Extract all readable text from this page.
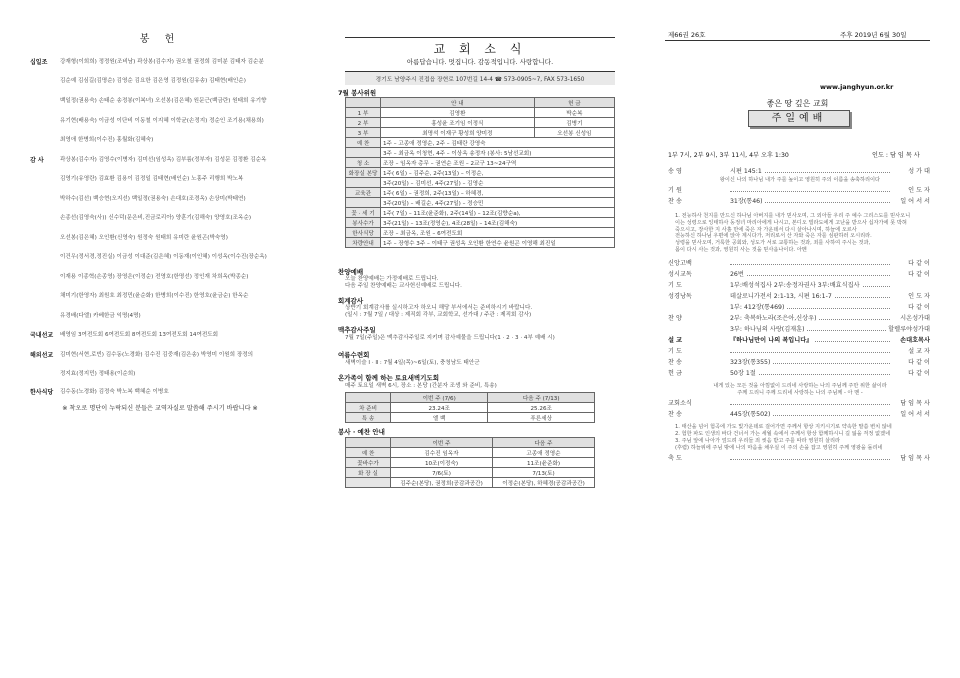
봉 헌
십일조	강재형(이희희) 정정원(조비남) 곽상봉(김수자) 권오철 권정희 김미분 김태자 김순분
김순예 김심길(김명순) 김영순 김요한 김은영 김정원(김유송) 김태현(배인순)
백일정(권용숙) 손태순 송정봉(이복녀) 오선봉(김은혜) 원문근(백금란) 원태희 유기향
유기현(배용숙) 이금성 이단비 이동철 이지혜 이학균(손정지) 정순인 조기용(채용희)
최영애 한병희(이수진) 홍월화(김혜숙)
감 사	곽상봉(김수자) 김영수(이병자) 김미선(임성옥) 김부름(정부자) 김성문 김정환 김순옥
김영기(유영란) 김효환 김용이 김정일 김태현(배인순) 노홍주 리행희 박노복
박하수(김선) 백승현(오지선) 백일정(권용숙) 손대호(조경옥) 손상미(박태연)
손종선(김영숙(사)) 신수덕(문은비,진금로리아) 양훈기(김해숙) 양영호(조옥순)
오선봉(김은혜) 오인환(신영숙) 원정숙 원태희 유미란 윤원곤(박숙영)
이건우(정서경,정진실) 이금성 이대준(김은혜) 이동재(이인혜) 이성옥(이수진(장순옥)
이재용 이종혁(손종영) 장영은(이정순) 전영호(한명선) 정인재 차희옥(박종순)
채미기(한영자) 최원호 최정민(윤순화) 한병희(이수진) 한영호(윤금순) 한옥순
유경배(다엘) 카베한금 익명(4명)
국내선교	배영임 3여전도회 6여전도회 8여전도회 13여전도회 14여전도회
해외선교	김미현(서현,로빈) 김수동(노경화) 김수진 김중재(김은송) 박영미 이원희 장정의
정지효(정지민) 정태용(이순희)
한사식당	김수동(노경화) 김정숙 박노복 백혜순 이병호
※ 착오로 명단이 누락되신 분들은 교역자실로 말씀해 주시기 바랍니다 ※
교 회 소 식
아름답습니다. 멋집니다. 감동적입니다. 사랑합니다.
경기도 남양주시 진접읍 장현로 107번길 14-4 ☎ 573-0905~7, FAX 573-1650
7월 봉사위원
	안 내	헌 금
1 부	김영환	박순복
2 부	홍성윤 조기임 이정식	김병기
3 부	최명석 이재구 황성희 양미정	오선봉 신성임
예 찬	1주 – 고종애 정영순, 2주 – 김태란 강영숙	
	3주 – 최금옥 이청현, 4주 – 이상옥 송정자 (봉사: 5남선교회)	
청 소	조장 – 임옥자 총무 – 권연순 조원 – 2교구 13~24구역	
화장실 본당	1주( 6일) – 김주순, 2주(13일) – 이정순,	
	3주(20일) – 김미선, 4주(27일) – 김영순	
교육관	1주( 6일) – 권정희, 2주(13일) – 하혜경,	
	3주(20일) – 배길순, 4주(27일) – 정승민	
꽃 · 세 기	1주( 7일) – 11조(윤준화), 2주(14일) – 12조(김향순a),	
봉사수가	3주(21일) – 13조(정영순), 4조(28일) – 14조(김해숙)	
한사식당	조장 – 최금옥, 조원 – 6여전도회	
차량안내	1주 – 장형수 3주 – 이태구 권성옥 오인환 한연수 윤원곤 이영해 최진일	
찬양예배
오늘 찬양예배는 가정예배로 드립니다.
다음 주일 찬양예배는 교사헌신예배로 드립니다.
회계감사
상반기 회계감사를 실시하고자 하오니 해당 부서에서는 준비하시기 바랍니다.
(일시 : 7월 7일 / 대상 : 제직회 각부, 교회학교, 선가대 / 주관 : 제직회 감사)
맥추감사주일
7월 7일(주일)은 맥추감사주일로 지키며 감사예물을 드립니다(1 · 2 · 3 · 4부 예배 시)
여름수련회
새벽이슬 Ⅰ · Ⅱ : 7월 4일(목)~6일(토), 충청남도 태안군
온가족이 함께 하는 토요새벽기도회
매주 토요일 새벽 6시, 장소 : 본당 (간분자 조생 와 준비, 특송)
	이번 주 (7/6)	다음 주 (7/13)
차 준비	23.24조	25.26조
특 송	엘 백	푸른세상
봉사 · 예찬 안내
	이번 주	다음 주
예 찬	김수진 임옥자	고종애 정영순
꽃바수가	10조(이정숙)	11조(윤준화)
화 장 실	7/6(토)	7/13(토)
	김주순(본당), 권정희(공감과공간)	이정순(본당), 하혜경(공감과공간)
제66권 26호	주후 2019년 6월 30일
www.janghyun.or.kr
좋은 땅 깊은 교회
주일예배
1부 7시, 2부 9시, 3부 11시, 4부 오후 1:30	인도 : 담 임 목 사
송 영	시편 145:1	성 가 대
왕이신 나의 하나님 내가 주를 높이고 영원히 주의 이름을 송축하리이다
기 원	인 도 자
찬 송	31장(통46)	일 어 서 서
1. 전능하사 천지를 만드신 하나님 아버지를 내가 믿사오며, 그 외아들 우리 주 예수 그리스도를 믿사오니
이는 성령으로 잉태하사 동정녀 마리아에게 나시고, 본디오 빌라도에게 고난을 받으사 십자가에 못 박혀
죽으시고, 장사한 지 사흘 만에 죽은 자 가운데서 다시 살아나시며, 하늘에 오르사
전능하신 하나님 우편에 앉아 계시다가, 저리로서 산 자와 죽은 자를 심판하러 오시리라.
성령을 믿사오며, 거룩한 공회와, 성도가 서로 교통하는 것과, 죄를 사하여 주시는 것과,
몸이 다시 사는 것과, 영원히 사는 것을 믿사옵나이다. 아멘
신앙고백	다 같 이
성시교독	26번	다 같 이
기 도	1부:배성석집사 2부:송정자권사 3부:배효식집사
성경낭독	데살로니가전서 2:1-13, 시편 16:1-7	인 도 자
1부: 412장(통469)	다 같 이
찬 양	2부: 축복하노라(조은아,신상우)	시온성가대
3부: 하나님의 사랑(김재훈)	할렐루야성가대
설 교	『하나님만이 나의 복입니다』	손대호목사
기 도	설 교 자
찬 송	323장(통355)	다 같 이
헌 금	50장 1절	다 같 이
내게 있는 모든 것을 아낌없이 드리네 사랑하는 나의 주님께 주만 위한 삶이라
주께 드리니 주께 드리네 사랑하는 나의 주님께 - 아 멘 -
교회소식	담 임 목 사
찬 송	445장(통502)	일 어 서 서
1. 태산을 넘어 험곡에 가도 빛가운데로 걸어가면 주께서 항상 지키시기로 약속한 말씀 변치 않네
2. 험한 파도 인생의 바다 건너서 가는 세월 속에서 주께서 항상 함께하시니 길 잃을 걱정 없겠네
3. 주님 앞에 나아가 엎드려 우리들 죄 씻음 받고 주를 따라 영원히 살리라
(후렴) 하늘위에 주님 밖에 나의 마음을 채우실 이 주의 손을 잡고 영원히 주께 영광을 돌리네
축 도	담 임 목 사
